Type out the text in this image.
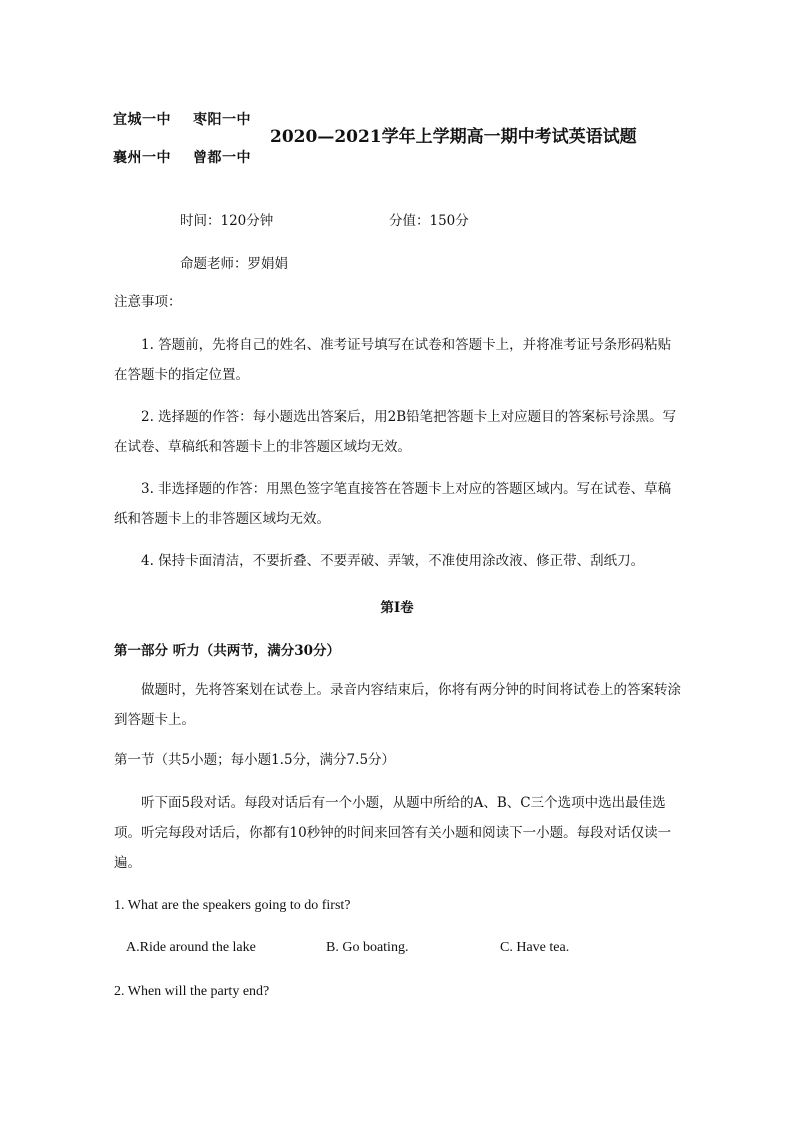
宜城一中 枣阳一中
襄州一中 曾都一中
2020—2021学年上学期高一期中考试英语试题
时间：120分钟	分值：150分
命题老师：罗娟娟
注意事项：
1. 答题前，先将自己的姓名、准考证号填写在试卷和答题卡上，并将准考证号条形码粘贴在答题卡的指定位置。
2. 选择题的作答：每小题选出答案后，用2B铅笔把答题卡上对应题目的答案标号涂黑。写在试卷、草稿纸和答题卡上的非答题区域均无效。
3. 非选择题的作答：用黑色签字笔直接答在答题卡上对应的答题区域内。写在试卷、草稿纸和答题卡上的非答题区域均无效。
4. 保持卡面清洁，不要折叠、不要弄破、弄皱，不准使用涂改液、修正带、刮纸刀。
第I卷
第一部分 听力（共两节，满分30分）
做题时，先将答案划在试卷上。录音内容结束后，你将有两分钟的时间将试卷上的答案转涂到答题卡上。
第一节（共5小题；每小题1.5分，满分7.5分）
听下面5段对话。每段对话后有一个小题，从题中所给的A、B、C三个选项中选出最佳选项。听完每段对话后，你都有10秒钟的时间来回答有关小题和阅读下一小题。每段对话仅读一遍。
1. What are the speakers going to do first?
A.Ride around the lake	B. Go boating.	C. Have tea.
2. When will the party end?
